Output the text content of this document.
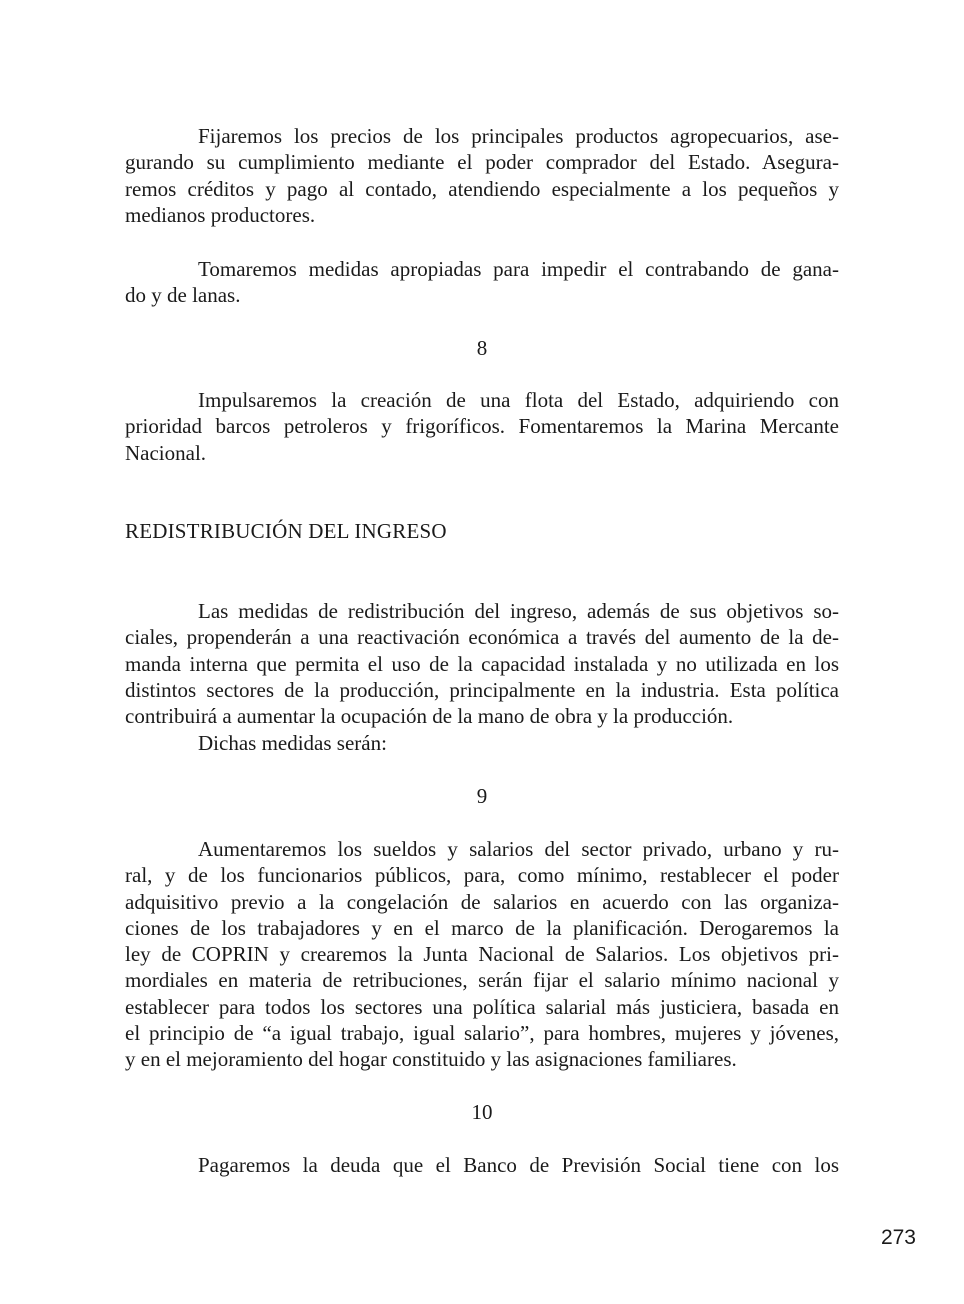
Fijaremos los precios de los principales productos agropecuarios, ase-
gurando su cumplimiento mediante el poder comprador del Estado. Asegura-
remos créditos y pago al contado, atendiendo especialmente a los pequeños y
medianos productores.

Tomaremos medidas apropiadas para impedir el contrabando de gana-
do y de lanas.

8

Impulsaremos la creación de una flota del Estado, adquiriendo con
prioridad barcos petroleros y frigoríficos. Fomentaremos la Marina Mercante
Nacional.

REDISTRIBUCIÓN DEL INGRESO

Las medidas de redistribución del ingreso, además de sus objetivos so-
ciales, propenderán a una reactivación económica a través del aumento de la de-
manda interna que permita el uso de la capacidad instalada y no utilizada en los
distintos sectores de la producción, principalmente en la industria. Esta política
contribuirá a aumentar la ocupación de la mano de obra y la producción.

Dichas medidas serán:

9

Aumentaremos los sueldos y salarios del sector privado, urbano y ru-
ral, y de los funcionarios públicos, para, como mínimo, restablecer el poder
adquisitivo previo a la congelación de salarios en acuerdo con las organiza-
ciones de los trabajadores y en el marco de la planificación. Derogaremos la
ley de COPRIN y crearemos la Junta Nacional de Salarios. Los objetivos pri-
mordiales en materia de retribuciones, serán fijar el salario mínimo nacional y
establecer para todos los sectores una política salarial más justiciera, basada en
el principio de “a igual trabajo, igual salario”, para hombres, mujeres y jóvenes,
y en el mejoramiento del hogar constituido y las asignaciones familiares.

10

Pagaremos la deuda que el Banco de Previsión Social tiene con los

273
